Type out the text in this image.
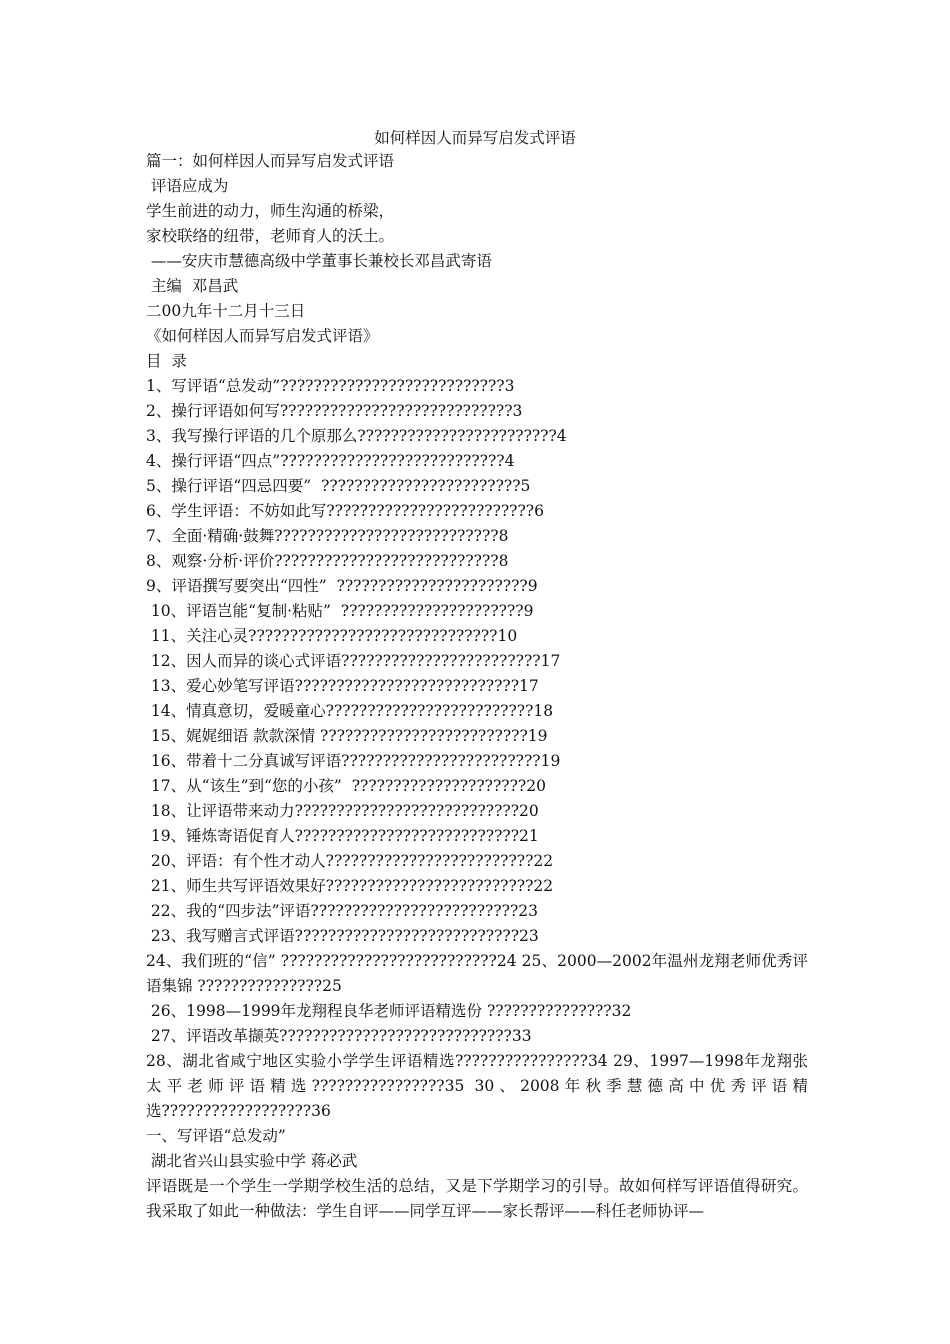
如何样因人而异写启发式评语
篇一：如何样因人而异写启发式评语
评语应成为
学生前进的动力，师生沟通的桥梁，
家校联络的纽带，老师育人的沃土。
——安庆市慧德高级中学董事长兼校长邓昌武寄语
主编  邓昌武
二00九年十二月十三日
《如何样因人而异写启发式评语》
目  录
1、写评语“总发动”???????????????????????????3
2、操行评语如何写????????????????????????????3
3、我写操行评语的几个原那么????????????????????????4
4、操行评语“四点”???????????????????????????4
5、操行评语“四忌四要”  ????????????????????????5
6、学生评语：不妨如此写?????????????????????????6
7、全面·精确·鼓舞???????????????????????????8
8、观察·分析·评价???????????????????????????8
9、评语撰写要突出“四性”  ???????????????????????9
10、评语岂能“复制·粘贴”  ??????????????????????9
11、关注心灵??????????????????????????????10
12、因人而异的谈心式评语????????????????????????17
13、爱心妙笔写评语???????????????????????????17
14、情真意切，爱暖童心?????????????????????????18
15、娓娓细语 款款深情 ?????????????????????????19
16、带着十二分真诚写评语????????????????????????19
17、从“该生”到“您的小孩”  ?????????????????????20
18、让评语带来动力???????????????????????????20
19、锤炼寄语促育人???????????????????????????21
20、评语：有个性才动人?????????????????????????22
21、师生共写评语效果好?????????????????????????22
22、我的“四步法”评语?????????????????????????23
23、我写赠言式评语???????????????????????????23
24、我们班的“信” ??????????????????????????24 25、2000—2002年温州龙翔老师优秀评语集锦 ???????????????25
26、1998—1999年龙翔程良华老师评语精选份 ???????????????32
27、评语改革撷英????????????????????????????33
28、湖北省咸宁地区实验小学学生评语精选????????????????34 29、1997—1998年龙翔张
太平老师评语精选????????????????35 30、2008年秋季慧德高中优秀评语精
选??????????????????36
一、写评语“总发动”
湖北省兴山县实验中学 蒋必武
评语既是一个学生一学期学校生活的总结，又是下学期学习的引导。故如何样写评语值得研究。我采取了如此一种做法：学生自评——同学互评——家长帮评——科任老师协评—
